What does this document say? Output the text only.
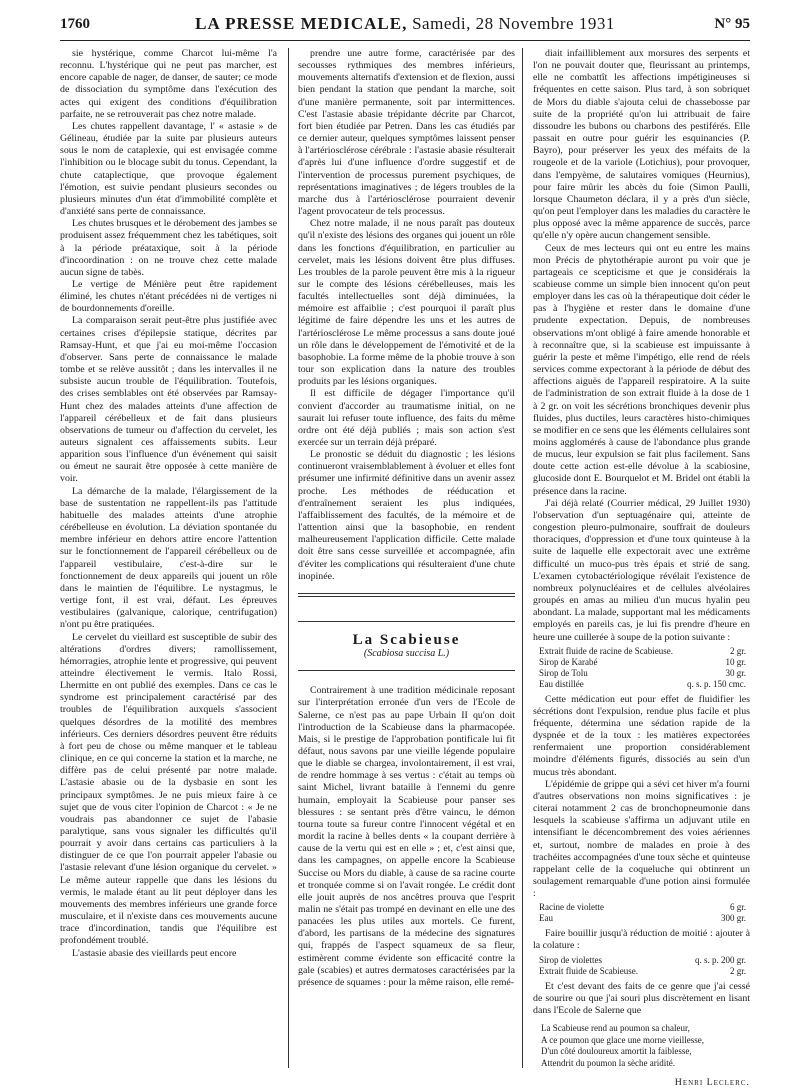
1760	LA PRESSE MEDICALE, Samedi, 28 Novembre 1931	N° 95

sie hystérique, comme Charcot lui-même l'a reconnu. L'hystérique qui ne peut pas marcher, est encore capable de nager, de danser, de sauter; ce mode de dissociation du symptôme dans l'exécution des actes qui exigent des conditions d'équilibration parfaite, ne se retrouverait pas chez notre malade.

Les chutes rappellent davantage, l' « astasie » de Gélineau, étudiée par la suite par plusieurs auteurs sous le nom de cataplexie, qui est envisagée comme l'inhibition ou le blocage subit du tonus. Cependant, la chute cataplectique, que provoque également l'émotion, est suivie pendant plusieurs secondes ou plusieurs minutes d'un état d'immobilité complète et d'anxiété sans perte de connaissance.

Les chutes brusques et le dérobement des jambes se produisent assez fréquemment chez les tabétiques, soit à la période préataxique, soit à la période d'incoordination : on ne trouve chez cette malade aucun signe de tabès.

Le vertige de Ménière peut être rapidement éliminé, les chutes n'étant précédées ni de vertiges ni de bourdonnements d'oreille.

La comparaison serait peut-être plus justifiée avec certaines crises d'épilepsie statique, décrites par Ramsay-Hunt, et que j'ai eu moi-même l'occasion d'observer. Sans perte de connaissance le malade tombe et se relève aussitôt ; dans les intervalles il ne subsiste aucun trouble de l'équilibration. Toutefois, des crises semblables ont été observées par Ramsay-Hunt chez des malades atteints d'une affection de l'appareil cérébelleux et de fait dans plusieurs observations de tumeur ou d'affection du cervelet, les auteurs signalent ces affaissements subits. Leur apparition sous l'influence d'un événement qui saisit ou émeut ne saurait être opposée à cette manière de voir.

La démarche de la malade, l'élargissement de la base de sustentation ne rappellent-ils pas l'attitude habituelle des malades atteints d'une atrophie cérébelleuse en évolution. La déviation spontanée du membre inférieur en dehors attire encore l'attention sur le fonctionnement de l'appareil cérébelleux ou de l'appareil vestibulaire, c'est-à-dire sur le fonctionnement de deux appareils qui jouent un rôle dans le maintien de l'équilibre. Le nystagmus, le vertige font, il est vrai, défaut. Les épreuves vestibulaires (galvanique, calorique, centrifugation) n'ont pu être pratiquées.

Le cervelet du vieillard est susceptible de subir des altérations d'ordres divers; ramollissement, hémorragies, atrophie lente et progressive, qui peuvent atteindre électivement le vermis. Italo Rossi, Lhermitte en ont publié des exemples. Dans ce cas le syndrome est principalement caractérisé par des troubles de l'équilibration auxquels s'associent quelques désordres de la motilité des membres inférieurs. Ces derniers désordres peuvent être réduits à fort peu de chose ou même manquer et le tableau clinique, en ce qui concerne la station et la marche, ne diffère pas de celui présenté par notre malade. L'astasie abasie ou de la dysbasie en sont les principaux symptômes. Je ne puis mieux faire à ce sujet que de vous citer l'opinion de Charcot : « Je ne voudrais pas abandonner ce sujet de l'abasie paralytique, sans vous signaler les difficultés qu'il pourrait y avoir dans certains cas particuliers à la distinguer de ce que l'on pourrait appeler l'abasie ou l'astasie relevant d'une lésion organique du cervelet. » Le même auteur rappelle que dans les lésions du vermis, le malade étant au lit peut déployer dans les mouvements des membres inférieurs une grande force musculaire, et il n'existe dans ces mouvements aucune trace d'incordination, tandis que l'équilibre est profondément troublé.

L'astasie abasie des vieillards peut encore

prendre une autre forme, caractérisée par des secousses rythmiques des membres inférieurs, mouvements alternatifs d'extension et de flexion, aussi bien pendant la station que pendant la marche, soit d'une manière permanente, soit par intermittences. C'est l'astasie abasie trépidante décrite par Charcot, fort bien étudiée par Petren. Dans les cas étudiés par ce dernier auteur, quelques symptômes laissent penser à l'artériosclérose cérébrale : l'astasie abasie résulterait d'après lui d'une influence d'ordre suggestif et de l'intervention de processus purement psychiques, de représentations imaginatives ; de légers troubles de la marche dus à l'artériosclérose pourraient devenir l'agent provocateur de tels processus.

Chez notre malade, il ne nous paraît pas douteux qu'il n'existe des lésions des organes qui jouent un rôle dans les fonctions d'équilibration, en particulier au cervelet, mais les lésions doivent être plus diffuses. Les troubles de la parole peuvent être mis à la rigueur sur le compte des lésions cérébelleuses, mais les facultés intellectuelles sont déjà diminuées, la mémoire est affaiblie ; c'est pourquoi il paraît plus légitime de faire dépendre les uns et les autres de l'artériosclérose Le même processus a sans doute joué un rôle dans le développement de l'émotivité et de la basophobie. La forme même de la phobie trouve à son tour son explication dans la nature des troubles produits par les lésions organiques.

Il est difficile de dégager l'importance qu'il convient d'accorder au traumatisme initial, on ne saurait lui refuser toute influence, des faits du même ordre ont été déjà publiés ; mais son action s'est exercée sur un terrain déjà préparé.

Le pronostic se déduit du diagnostic ; les lésions continueront vraisemblablement à évoluer et elles font présumer une infirmité définitive dans un avenir assez proche. Les méthodes de rééducation et d'entraînement seraient les plus indiquées, l'affaiblissement des facultés, de la mémoire et de l'attention ainsi que la basophobie, en rendent malheureusement l'application difficile. Cette malade doit être sans cesse surveillée et accompagnée, afin d'éviter les complications qui résulteraient d'une chute inopinée.

La Scabieuse
(Scabiosa succisa L.)

Contrairement à une tradition médicinale reposant sur l'interprétation erronée d'un vers de l'Ecole de Salerne, ce n'est pas au pape Urbain II qu'on doit l'introduction de la Scabieuse dans la pharmacopée. Mais, si le prestige de l'approbation pontificale lui fit défaut, nous savons par une vieille légende populaire que le diable se chargea, involontairement, il est vrai, de rendre hommage à ses vertus : c'était au temps où saint Michel, livrant bataille à l'ennemi du genre humain, employait la Scabieuse pour panser ses blessures : se sentant près d'être vaincu, le démon tourna toute sa fureur contre l'innocent végétal et en mordit la racine à belles dents « la coupant derrière à cause de la vertu qui est en elle » ; et, c'est ainsi que, dans les campagnes, on appelle encore la Scabieuse Succise ou Mors du diable, à cause de sa racine courte et tronquée comme si on l'avait rongée. Le crédit dont elle jouit auprès de nos ancêtres prouva que l'esprit malin ne s'était pas trompé en devinant en elle une des panacées les plus utiles aux mortels. Ce furent, d'abord, les partisans de la médecine des signatures qui, frappés de l'aspect squameux de sa fleur, estimèrent comme évidente son efficacité contre la gale (scabies) et autres dermatoses caractérisées par la présence de squames : pour la même raison, elle remé-

diait infailliblement aux morsures des serpents et l'on ne pouvait douter que, fleurissant au printemps, elle ne combattît les affections impétigineuses si fréquentes en cette saison. Plus tard, à son sobriquet de Mors du diable s'ajouta celui de chassebosse par suite de la propriété qu'on lui attribuait de faire dissoudre les bubons ou charbons des pestiférés. Elle passait en outre pour guérir les esquinancies (P. Bayro), pour préserver les yeux des méfaits de la rougeole et de la variole (Lotichius), pour provoquer, dans l'empyème, de salutaires vomiques (Heurnius), pour faire mûrir les abcès du foie (Simon Paulli, lorsque Chaumeton déclara, il y a près d'un siècle, qu'on peut l'employer dans les maladies du caractère le plus opposé avec la même apparence de succès, parce qu'elle n'y opère aucun changement sensible.

Ceux de mes lecteurs qui ont eu entre les mains mon Précis de phytothérapie auront pu voir que je partageais ce scepticisme et que je considérais la scabieuse comme un simple bien innocent qu'on peut employer dans les cas où la thérapeutique doit céder le pas à l'hygiène et rester dans le domaine d'une prudente expectation. Depuis, de nombreuses observations m'ont obligé à faire amende honorable et à reconnaître que, si la scabieuse est impuissante à guérir la peste et même l'impétigo, elle rend de réels services comme expectorant à la période de début des affections aiguës de l'appareil respiratoire. A la suite de l'administration de son extrait fluide à la dose de 1 à 2 gr. on voit les sécrétions bronchiques devenir plus fluides, plus ductiles, leurs caractères histo-chimiques se modifier en ce sens que les éléments cellulaires sont moins agglomérés à cause de l'abondance plus grande de mucus, leur expulsion se fait plus facilement. Sans doute cette action est-elle dévolue à la scabiosine, glucoside dont E. Bourquelot et M. Bridel ont établi la présence dans la racine.

J'ai déjà relaté (Courrier médical, 29 Juillet 1930) l'observation d'un septuagénaire qui, atteinte de congestion pleuro-pulmonaire, souffrait de douleurs thoraciques, d'oppression et d'une toux quinteuse à la suite de laquelle elle expectorait avec une extrême difficulté un muco-pus très épais et strié de sang. L'examen cytobactériologique révélait l'existence de nombreux polynucléaires et de cellules alvéolaires groupés en amas au milieu d'un mucus hyalin peu abondant. La malade, supportant mal les médicaments employés en pareils cas, je lui fis prendre d'heure en heure une cuillerée à soupe de la potion suivante :

Extrait fluide de racine de Scabieuse.	2 gr.
Sirop de Karabé	10 gr.
Sirop de Tolu	30 gr.
Eau distillée	q. s. p. 150 cmc.

Cette médication eut pour effet de fluidifier les sécrétions dont l'expulsion, rendue plus facile et plus fréquente, détermina une sédation rapide de la dyspnée et de la toux : les matières expectorées renfermaient une proportion considérablement moindre d'éléments figurés, dissociés au sein d'un mucus très abondant.

L'épidémie de grippe qui a sévi cet hiver m'a fourni d'autres observations non moins significatives : je citerai notamment 2 cas de bronchopneumonie dans lesquels la scabieuse s'affirma un adjuvant utile en intensifiant le décencombrement des voies aériennes et, surtout, nombre de malades en proie à des trachéites accompagnées d'une toux sèche et quinteuse rappelant celle de la coqueluche qui obtinrent un soulagement remarquable d'une potion ainsi formulée :

Racine de violette	6 gr.
Eau	300 gr.

Faire bouillir jusqu'à réduction de moitié : ajouter à la colature :

Sirop de violettes	q. s. p. 200 gr.
Extrait fluide de Scabieuse.	2 gr.

Et c'est devant des faits de ce genre que j'ai cessé de sourire ou que j'ai souri plus discrètement en lisant dans l'Ecole de Salerne que

La Scabieuse rend au poumon sa chaleur,
A ce poumon que glace une morne vieillesse,
D'un côté douloureux amortit la faiblesse,
Attendrit du poumon la sèche aridité.
Henri Leclerc.
